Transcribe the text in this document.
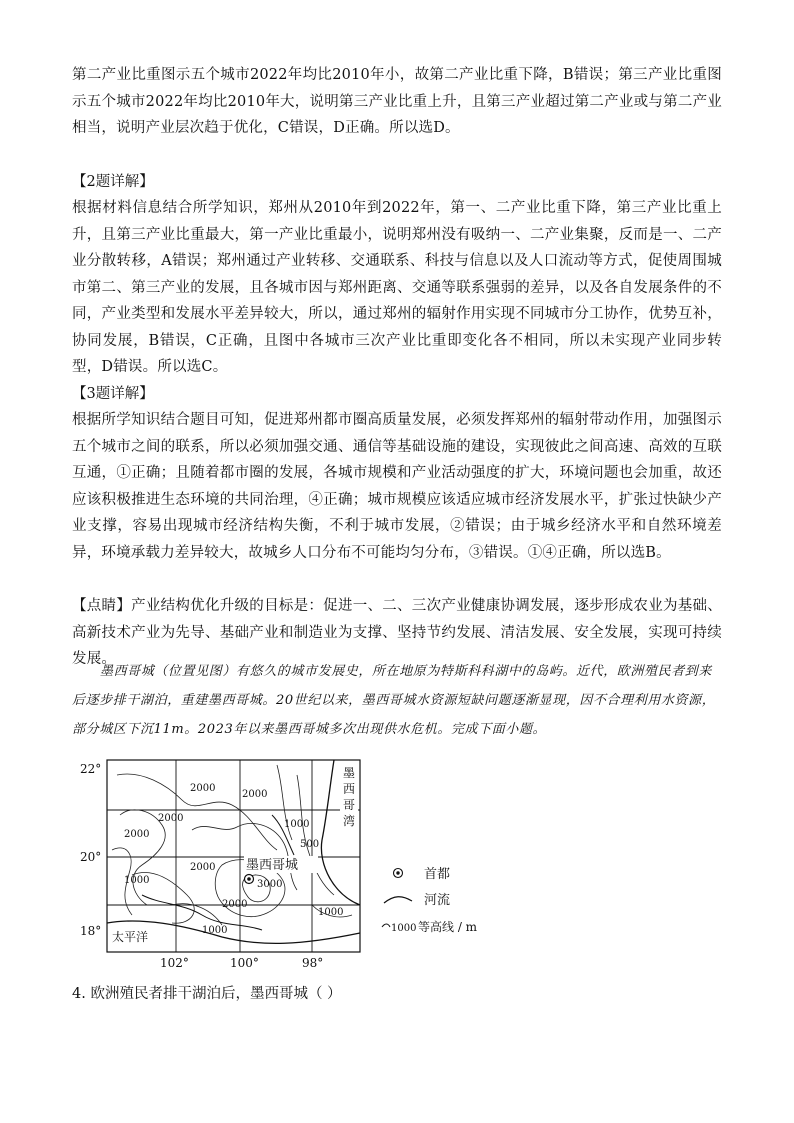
第二产业比重图示五个城市2022年均比2010年小，故第二产业比重下降，B错误；第三产业比重图示五个城市2022年均比2010年大，说明第三产业比重上升，且第三产业超过第二产业或与第二产业相当，说明产业层次趋于优化，C错误，D正确。所以选D。
【2题详解】
根据材料信息结合所学知识，郑州从2010年到2022年，第一、二产业比重下降，第三产业比重上升，且第三产业比重最大，第一产业比重最小，说明郑州没有吸纳一、二产业集聚，反而是一、二产业分散转移，A错误；郑州通过产业转移、交通联系、科技与信息以及人口流动等方式，促使周围城市第二、第三产业的发展，且各城市因与郑州距离、交通等联系强弱的差异，以及各自发展条件的不同，产业类型和发展水平差异较大，所以，通过郑州的辐射作用实现不同城市分工协作，优势互补，协同发展，B错误，C正确，且图中各城市三次产业比重即变化各不相同，所以未实现产业同步转型，D错误。所以选C。
【3题详解】
根据所学知识结合题目可知，促进郑州都市圈高质量发展，必须发挥郑州的辐射带动作用，加强图示五个城市之间的联系，所以必须加强交通、通信等基础设施的建设，实现彼此之间高速、高效的互联互通，①正确；且随着都市圈的发展，各城市规模和产业活动强度的扩大，环境问题也会加重，故还应该积极推进生态环境的共同治理，④正确；城市规模应该适应城市经济发展水平，扩张过快缺少产业支撑，容易出现城市经济结构失衡，不利于城市发展，②错误；由于城乡经济水平和自然环境差异，环境承载力差异较大，故城乡人口分布不可能均匀分布，③错误。①④正确，所以选B。
【点睛】产业结构优化升级的目标是：促进一、二、三次产业健康协调发展，逐步形成农业为基础、高新技术产业为先导、基础产业和制造业为支撑、坚持节约发展、清洁发展、安全发展，实现可持续发展。
墨西哥城（位置见图）有悠久的城市发展史，所在地原为特斯科科湖中的岛屿。近代，欧洲殖民者到来后逐步排干湖泊，重建墨西哥城。20世纪以来，墨西哥城水资源短缺问题逐渐显现，因不合理利用水资源，部分城区下沉11m。2023年以来墨西哥城多次出现供水危机。完成下面小题。
2000
2000
2000
2000
1000
1000
500
1000
3000
2000
2000
1000
墨西哥城
墨西哥湾
太平洋
22°
20°
18°
102°	100°	98°
首都
河流
1000 等高线 / m
4. 欧洲殖民者排干湖泊后，墨西哥城（ ）
